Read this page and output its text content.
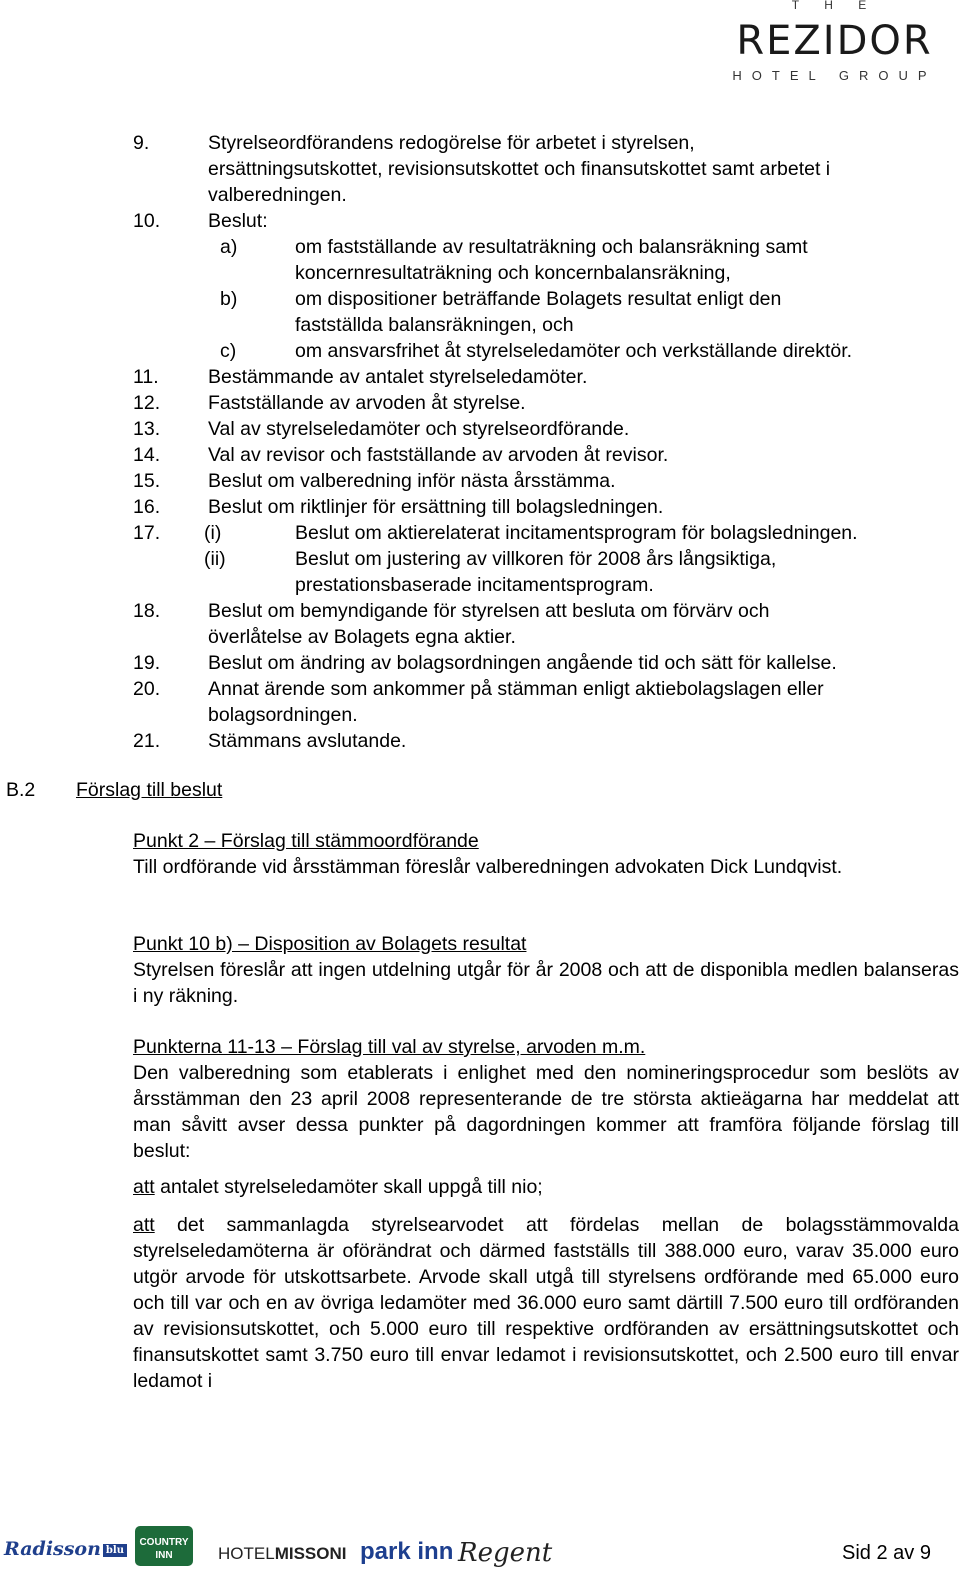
T H E
REZIDOR
HOTEL GROUP
9.	Styrelseordförandens redogörelse för arbetet i styrelsen,
ersättningsutskottet, revisionsutskottet och finansutskottet samt arbetet i
valberedningen.
10. Beslut:
a)	om fastställande av resultaträkning och balansräkning samt
koncernresultaträkning och koncernbalansräkning,
b)	om dispositioner beträffande Bolagets resultat enligt den
fastställda balansräkningen, och
c)	om ansvarsfrihet åt styrelseledamöter och verkställande direktör.
11.	Bestämmande av antalet styrelseledamöter.
12. Fastställande av arvoden åt styrelse.
13. Val av styrelseledamöter och styrelseordförande.
14. Val av revisor och fastställande av arvoden åt revisor.
15. Beslut om valberedning inför nästa årsstämma.
16. Beslut om riktlinjer för ersättning till bolagsledningen.
17. (i)	Beslut om aktierelaterat incitamentsprogram för bolagsledningen.
(ii)	Beslut om justering av villkoren för 2008 års långsiktiga,
prestationsbaserade incitamentsprogram.
18. Beslut om bemyndigande för styrelsen att besluta om förvärv och
överlåtelse av Bolagets egna aktier.
19. Beslut om ändring av bolagsordningen angående tid och sätt för kallelse.
20. Annat ärende som ankommer på stämman enligt aktiebolagslagen eller
bolagsordningen.
21. Stämmans avslutande.
B.2 Förslag till beslut
Punkt 2 – Förslag till stämmoordförande
Till ordförande vid årsstämman föreslår valberedningen advokaten Dick Lundqvist.
Punkt 10 b) – Disposition av Bolagets resultat
Styrelsen föreslår att ingen utdelning utgår för år 2008 och att de disponibla medlen balanseras i ny räkning.
Punkterna 11-13 – Förslag till val av styrelse, arvoden m.m.
Den valberedning som etablerats i enlighet med den nomineringsprocedur som beslöts av årsstämman den 23 april 2008 representerande de tre största aktieägarna har meddelat att man såvitt avser dessa punkter på dagordningen kommer att framföra följande förslag till beslut:
att antalet styrelseledamöter skall uppgå till nio;
att det sammanlagda styrelsearvodet att fördelas mellan de bolagsstämmovalda styrelseledamöterna är oförändrat och därmed fastställs till 388.000 euro, varav 35.000 euro utgör arvode för utskottsarbete. Arvode skall utgå till styrelsens ordförande med 65.000 euro och till var och en av övriga ledamöter med 36.000 euro samt därtill 7.500 euro till ordföranden av revisionsutskottet, och 5.000 euro till respektive ordföranden av ersättningsutskottet och finansutskottet samt 3.750 euro till envar ledamot i revisionsutskottet, och 2.500 euro till envar ledamot i
Radisson blu
COUNTRY INN	HOTELMISSONI park inn Regent	Sid 2 av 9
